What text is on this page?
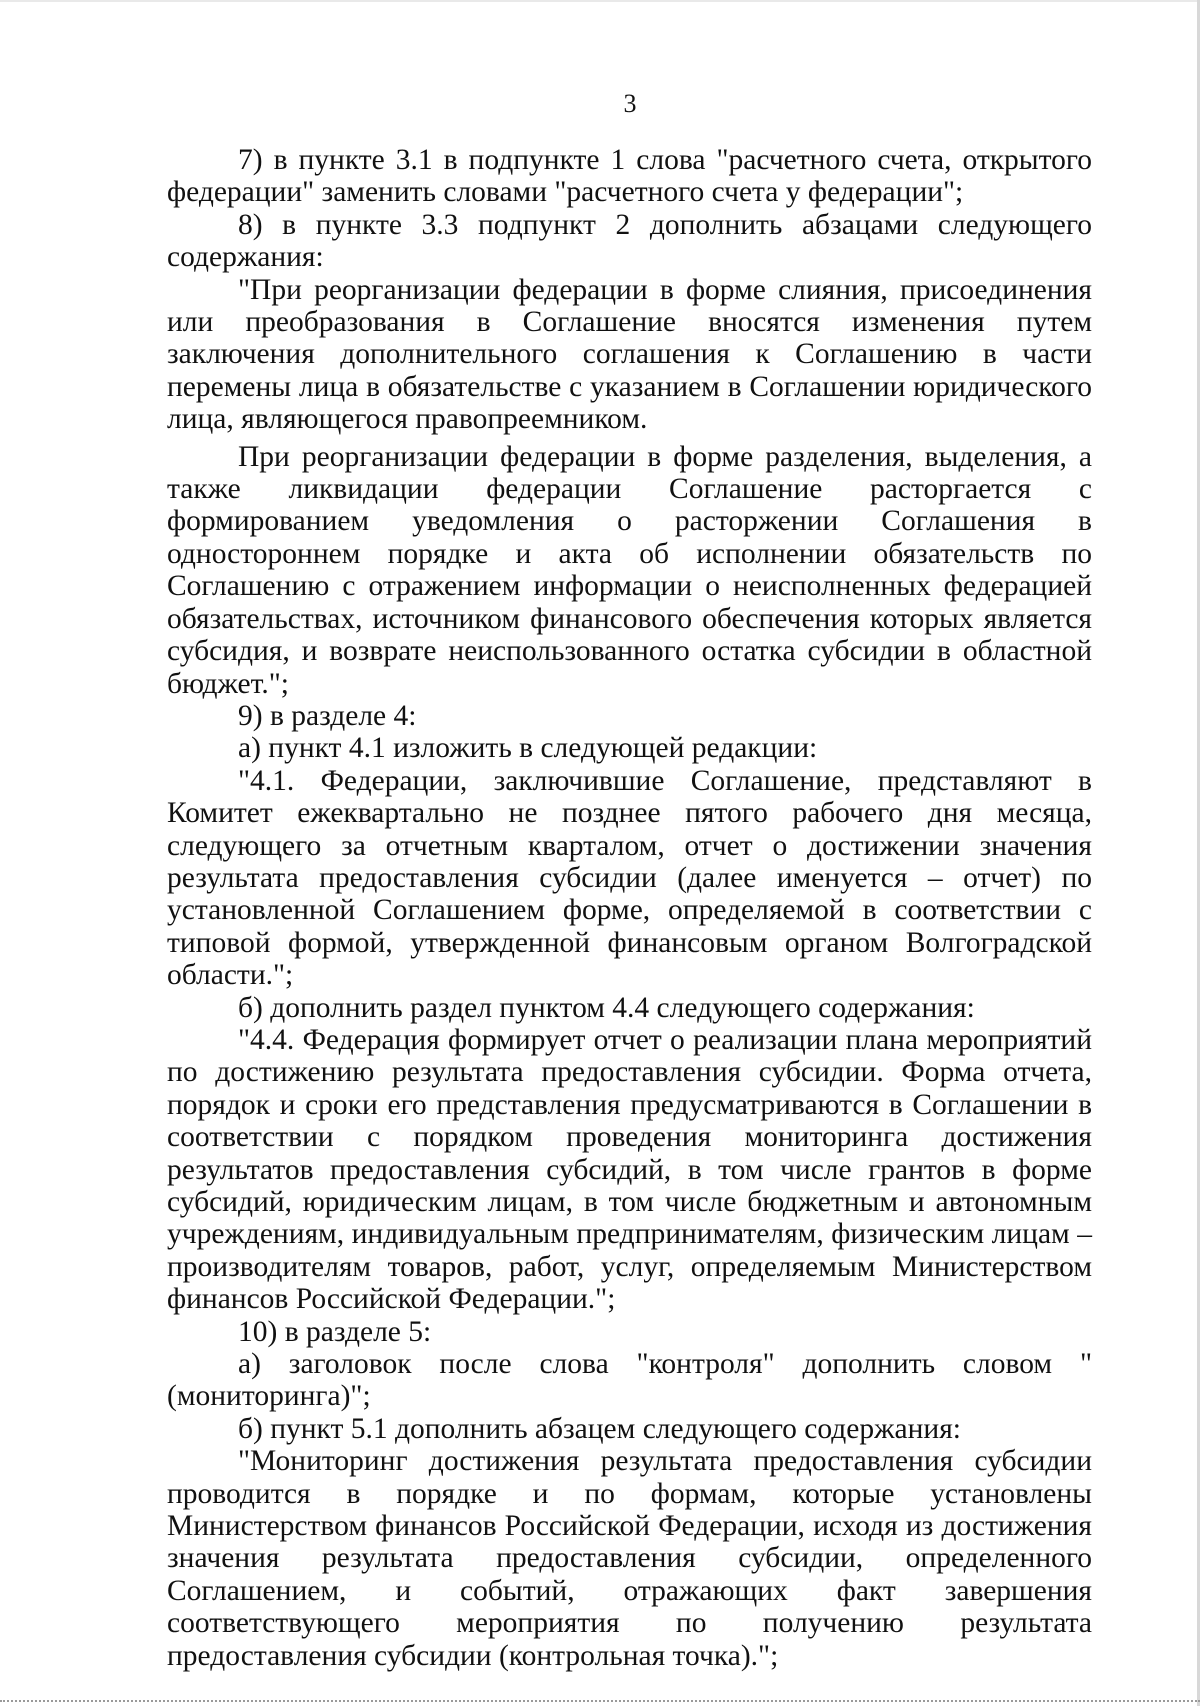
3

7) в пункте 3.1 в подпункте 1 слова "расчетного счета, открытого федерации" заменить словами "расчетного счета у федерации";

8) в пункте 3.3 подпункт 2 дополнить абзацами следующего содержания:

"При реорганизации федерации в форме слияния, присоединения или преобразования в Соглашение вносятся изменения путем заключения дополнительного соглашения к Соглашению в части перемены лица в обязательстве с указанием в Соглашении юридического лица, являющегося правопреемником.

При реорганизации федерации в форме разделения, выделения, а также ликвидации федерации Соглашение расторгается с формированием уведомления о расторжении Соглашения в одностороннем порядке и акта об исполнении обязательств по Соглашению с отражением информации о неисполненных федерацией обязательствах, источником финансового обеспечения которых является субсидия, и возврате неиспользованного остатка субсидии в областной бюджет.";

9) в разделе 4:

а) пункт 4.1 изложить в следующей редакции:

"4.1. Федерации, заключившие Соглашение, представляют в Комитет ежеквартально не позднее пятого рабочего дня месяца, следующего за отчетным кварталом, отчет о достижении значения результата предоставления субсидии (далее именуется – отчет) по установленной Соглашением форме, определяемой в соответствии с типовой формой, утвержденной финансовым органом Волгоградской области.";

б) дополнить раздел пунктом 4.4 следующего содержания:

"4.4. Федерация формирует отчет о реализации плана мероприятий по достижению результата предоставления субсидии. Форма отчета, порядок и сроки его представления предусматриваются в Соглашении в соответствии с порядком проведения мониторинга достижения результатов предоставления субсидий, в том числе грантов в форме субсидий, юридическим лицам, в том числе бюджетным и автономным учреждениям, индивидуальным предпринимателям, физическим лицам – производителям товаров, работ, услуг, определяемым Министерством финансов Российской Федерации.";

10) в разделе 5:

а) заголовок после слова "контроля" дополнить словом "(мониторинга)";

б) пункт 5.1 дополнить абзацем следующего содержания:

"Мониторинг достижения результата предоставления субсидии проводится в порядке и по формам, которые установлены Министерством финансов Российской Федерации, исходя из достижения значения результата предоставления субсидии, определенного Соглашением, и событий, отражающих факт завершения соответствующего мероприятия по получению результата предоставления субсидии (контрольная точка).";
